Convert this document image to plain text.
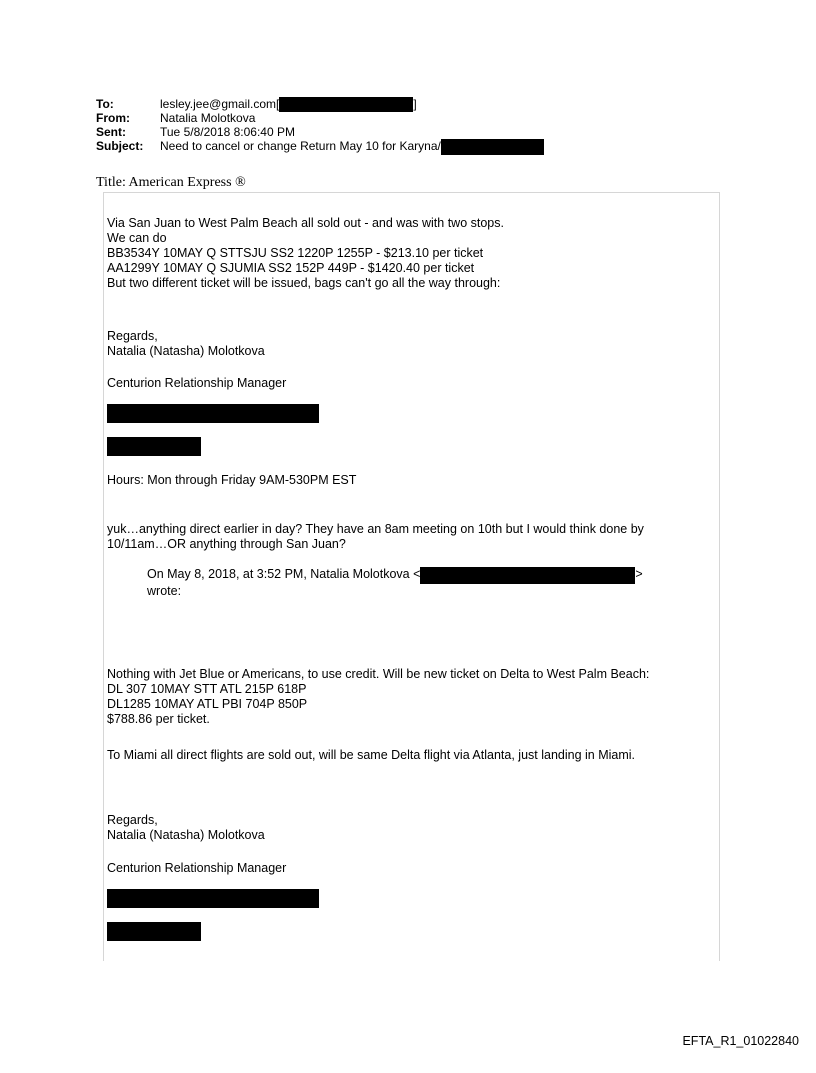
To:	lesley.jee@gmail.com[	]
From:	Natalia Molotkova
Sent:	Tue 5/8/2018 8:06:40 PM
Subject: Need to cancel or change Return May 10 for Karyna/
Title: American Express ®
Via San Juan to West Palm Beach all sold out - and was with two stops.
We can do
BB3534Y 10MAY Q STTSJU SS2 1220P 1255P - $213.10 per ticket
AA1299Y 10MAY Q SJUMIA SS2 152P 449P - $1420.40 per ticket
But two different ticket will be issued, bags can't go all the way through:
Regards,
Natalia (Natasha) Molotkova
Centurion Relationship Manager
Hours: Mon through Friday 9AM-530PM EST
yuk…anything direct earlier in day? They have an 8am meeting on 10th but I would think done by
10/11am…OR anything through San Juan?
On May 8, 2018, at 3:52 PM, Natalia Molotkova <	>
wrote:
Nothing with Jet Blue or Americans, to use credit. Will be new ticket on Delta to West Palm Beach:
DL 307 10MAY STT ATL 215P 618P
DL1285 10MAY ATL PBI 704P 850P
$788.86 per ticket.
To Miami all direct flights are sold out, will be same Delta flight via Atlanta, just landing in Miami.
Regards,
Natalia (Natasha) Molotkova
Centurion Relationship Manager
EFTA_R1_01022840
